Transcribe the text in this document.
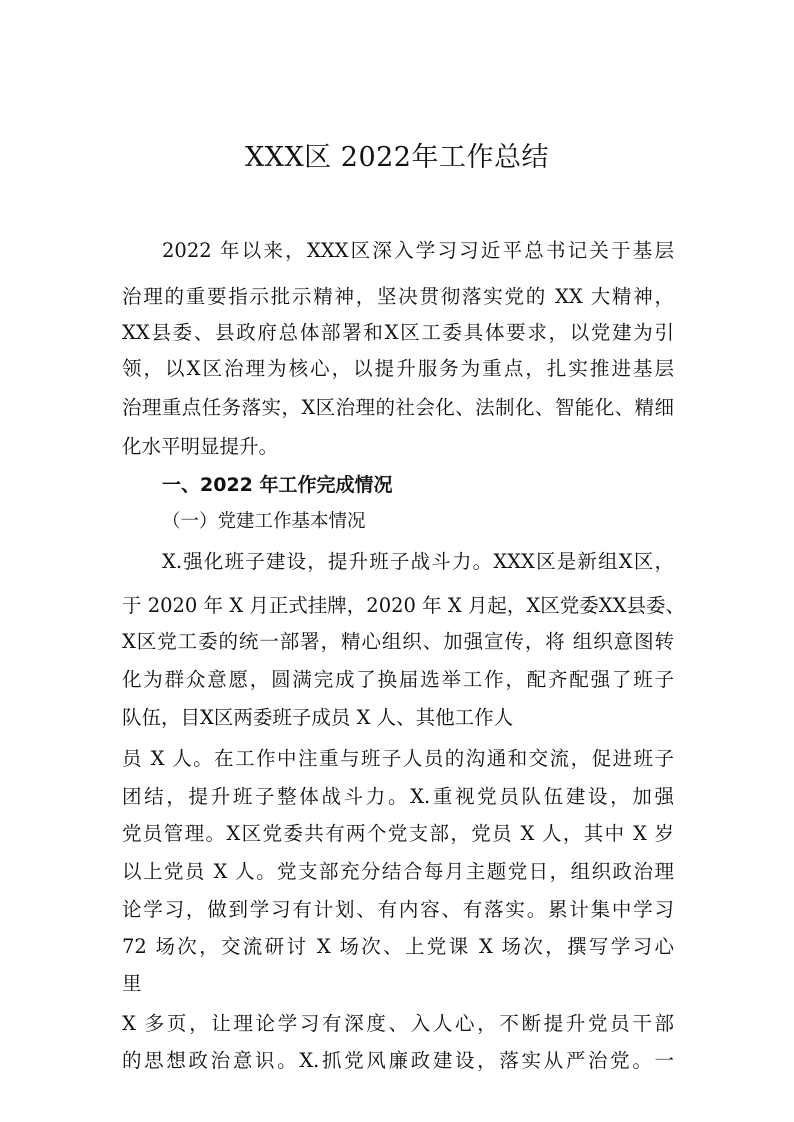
XXX区 2022年工作总结
2022 年以来，XXX区深入学习习近平总书记关于基层
治理的重要指示批示精神，坚决贯彻落实党的 XX 大精神，
XX县委、县政府总体部署和X区工委具体要求，以党建为引
领，以X区治理为核心，以提升服务为重点，扎实推进基层
治理重点任务落实，X区治理的社会化、法制化、智能化、精细
化水平明显提升。
一、2022 年工作完成情况
（一）党建工作基本情况
X.强化班子建设，提升班子战斗力。XXX区是新组X区，
于 2020 年 X 月正式挂牌，2020 年 X 月起，X区党委XX县委、
X区党工委的统一部署，精心组织、加强宣传，将 组织意图转
化为群众意愿，圆满完成了换届选举工作，配齐配强了班子
队伍，目X区两委班子成员 X 人、其他工作人
员 X 人。在工作中注重与班子人员的沟通和交流，促进班子
团结，提升班子整体战斗力。X.重视党员队伍建设，加强
党员管理。X区党委共有两个党支部，党员 X 人，其中 X 岁
以上党员 X 人。党支部充分结合每月主题党日，组织政治理
论学习，做到学习有计划、有内容、有落实。累计集中学习
72 场次，交流研讨 X 场次、上党课 X 场次，撰写学习心
里
X 多页，让理论学习有深度、入人心，不断提升党员干部
的思想政治意识。X.抓党风廉政建设，落实从严治党。一
